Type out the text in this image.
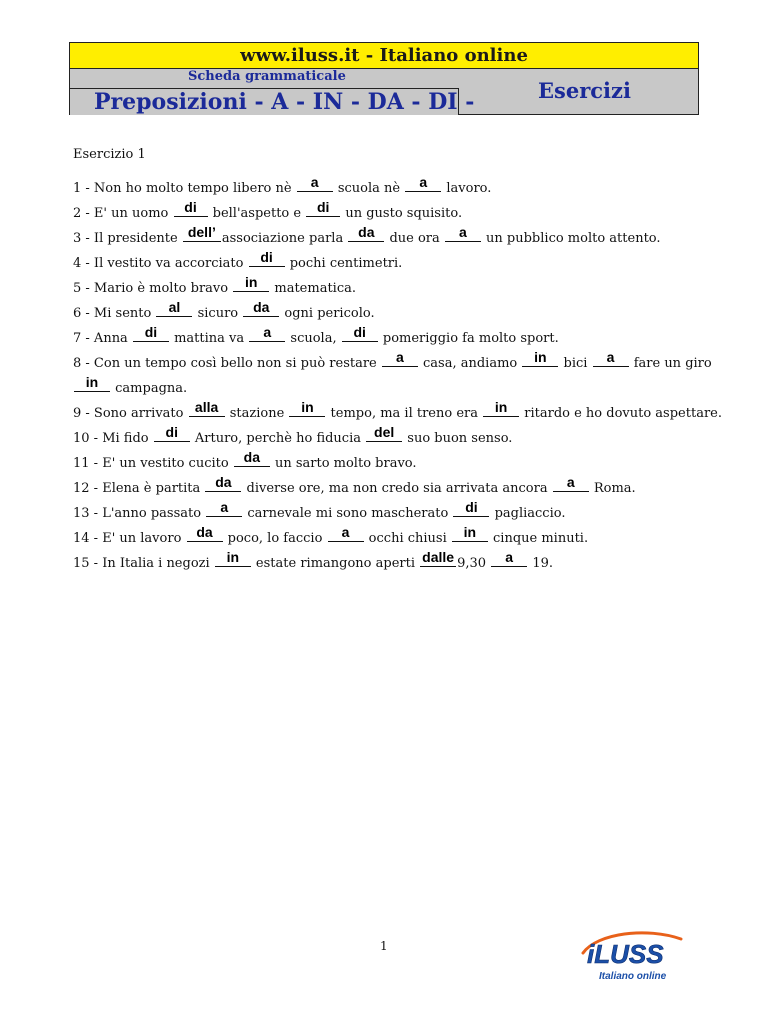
www.iluss.it - Italiano online
Scheda grammaticale
Preposizioni - A - IN - DA - DI -	Esercizi
Esercizio 1
1 - Non ho molto tempo libero nè	a	scuola nè	a	lavoro.
2 - E' un uomo di bell'aspetto e di un gusto squisito.
3 - Il presidente dell’ associazione parla da due ora	a	un pubblico molto attento.
4 - Il vestito va accorciato di pochi centimetri.
5 - Mario è molto bravo in matematica.
6 - Mi sento al	sicuro da ogni pericolo.
7 - Anna di mattina va	a	scuola, di pomeriggio fa molto sport.
8 - Con un tempo così bello non si può restare	a	casa, andiamo in bici	a	fare un giro
in campagna.
9 - Sono arrivato alla stazione in tempo, ma il treno era in ritardo e ho dovuto aspettare.
10 - Mi fido di Arturo, perchè ho fiducia del suo buon senso.
11 - E' un vestito cucito da un sarto molto bravo.
12 - Elena è partita da diverse ore, ma non credo sia arrivata ancora	a	Roma.
13 - L'anno passato	a	carnevale mi sono mascherato di pagliaccio.
14 - E' un lavoro da poco, lo faccio	a	occhi chiusi in cinque minuti.
15 - In Italia i negozi in estate rimangono aperti dalle 9,30	a	19.
1	iLUSS
Italiano online
